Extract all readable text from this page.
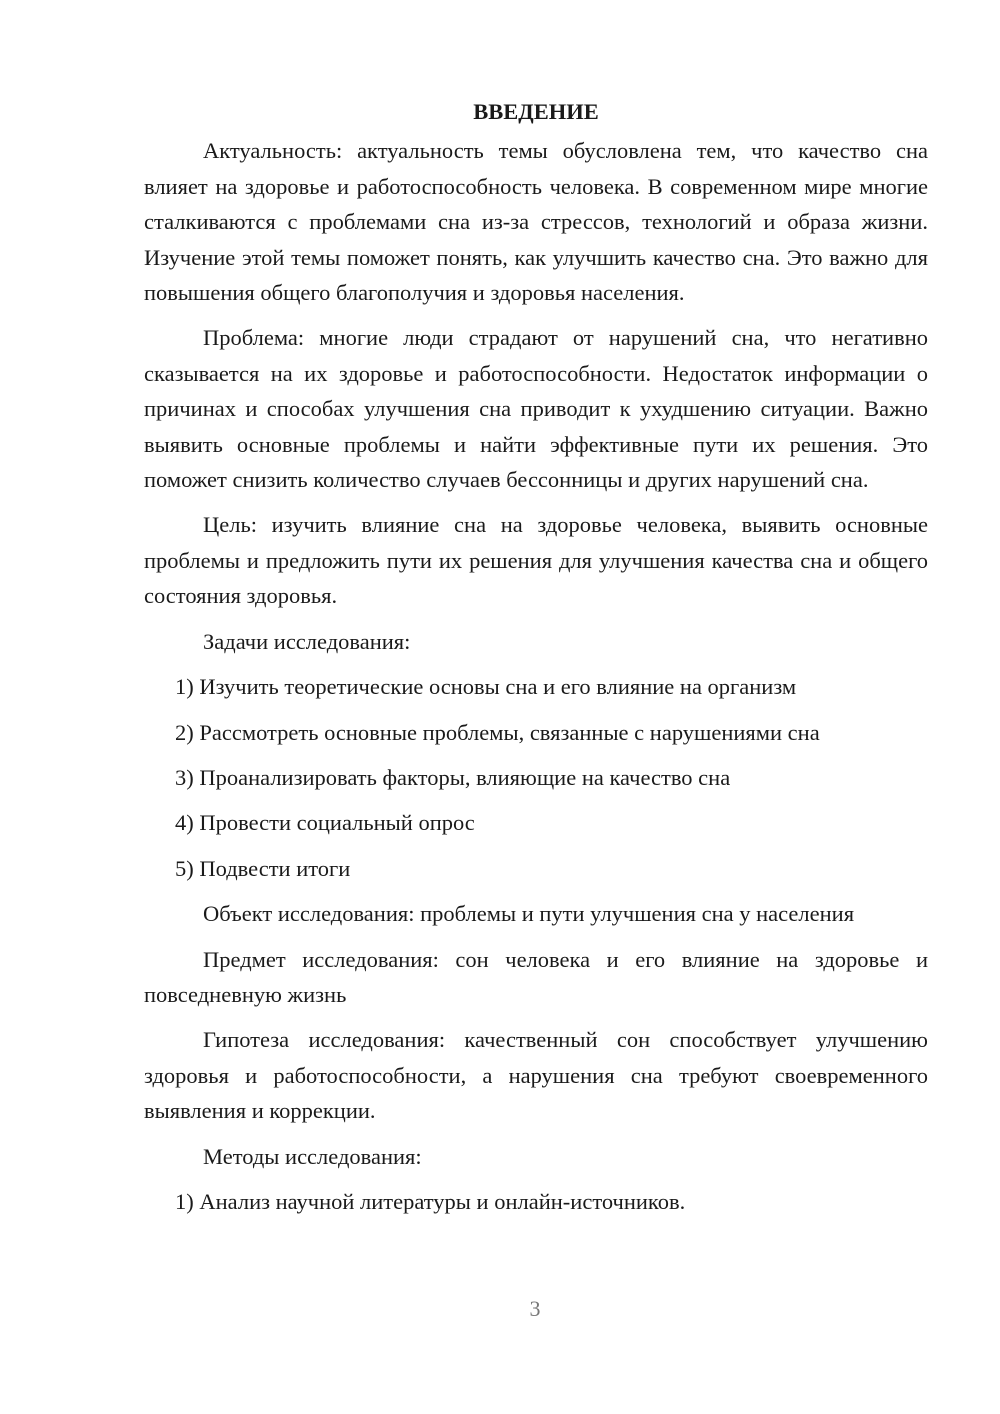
ВВЕДЕНИЕ

Актуальность: актуальность темы обусловлена тем, что качество сна влияет на здоровье и работоспособность человека. В современном мире многие сталкиваются с проблемами сна из-за стрессов, технологий и образа жизни. Изучение этой темы поможет понять, как улучшить качество сна. Это важно для повышения общего благополучия и здоровья населения.

Проблема: многие люди страдают от нарушений сна, что негативно сказывается на их здоровье и работоспособности. Недостаток информации о причинах и способах улучшения сна приводит к ухудшению ситуации. Важно выявить основные проблемы и найти эффективные пути их решения. Это поможет снизить количество случаев бессонницы и других нарушений сна.

Цель: изучить влияние сна на здоровье человека, выявить основные проблемы и предложить пути их решения для улучшения качества сна и общего состояния здоровья.

Задачи исследования:

1) Изучить теоретические основы сна и его влияние на организм

2) Рассмотреть основные проблемы, связанные с нарушениями сна

3) Проанализировать факторы, влияющие на качество сна

4) Провести социальный опрос

5) Подвести итоги

Объект исследования: проблемы и пути улучшения сна у населения

Предмет исследования: сон человека и его влияние на здоровье и повседневную жизнь

Гипотеза исследования: качественный сон способствует улучшению здоровья и работоспособности, а нарушения сна требуют своевременного выявления и коррекции.

Методы исследования:

1) Анализ научной литературы и онлайн-источников.

3
